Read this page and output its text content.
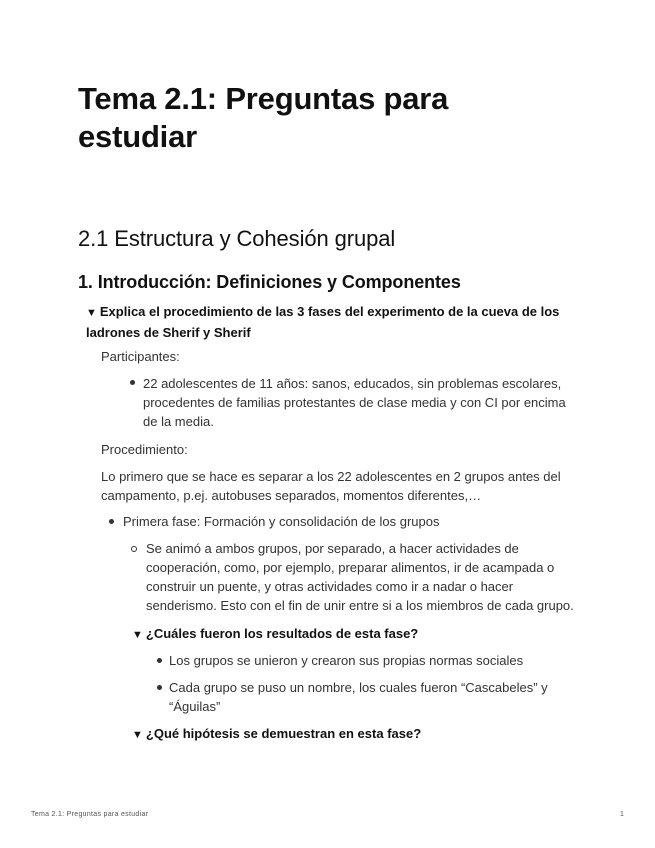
Tema 2.1: Preguntas para estudiar
2.1 Estructura y Cohesión grupal
1. Introducción: Definiciones y Componentes
▼ Explica el procedimiento de las 3 fases del experimento de la cueva de los ladrones de Sherif y Sherif

Participantes:

22 adolescentes de 11 años: sanos, educados, sin problemas escolares, procedentes de familias protestantes de clase media y con CI por encima de la media.

Procedimiento:

Lo primero que se hace es separar a los 22 adolescentes en 2 grupos antes del campamento, p.ej. autobuses separados, momentos diferentes,…

Primera fase: Formación y consolidación de los grupos

Se animó a ambos grupos, por separado, a hacer actividades de cooperación, como, por ejemplo, preparar alimentos, ir de acampada o construir un puente, y otras actividades como ir a nadar o hacer senderismo. Esto con el fin de unir entre si a los miembros de cada grupo.

▼ ¿Cuáles fueron los resultados de esta fase?

Los grupos se unieron y crearon sus propias normas sociales

Cada grupo se puso un nombre, los cuales fueron “Cascabeles” y “Águilas”

▼ ¿Qué hipótesis se demuestran en esta fase?

Tema 2.1: Preguntas para estudiar	1
